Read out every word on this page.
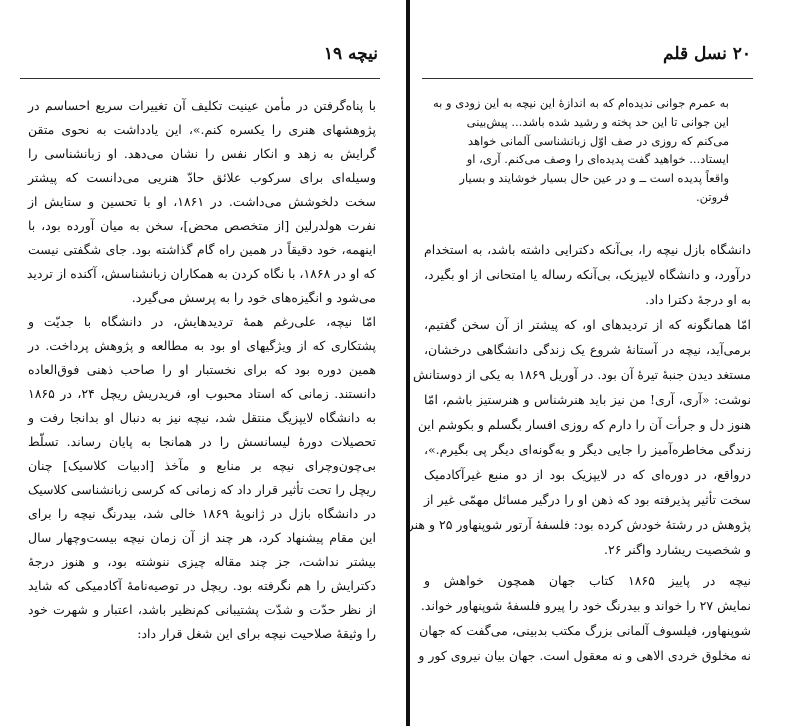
نیچه ۱۹
با پناه‌گرفتن در مأمن عینیت تکلیف آن تغییرات سریع احساسم در
پژوهشهای هنری را یکسره کنم.»، این یادداشت به نحوی متقن
گرایش به زهد و انکار نفس را نشان می‌دهد. او زبانشناسی را
وسیله‌ای برای سرکوب علائق حادّ هنریی می‌دانست که پیشتر
سخت دلخوشش می‌داشت. در ۱۸۶۱، او با تحسین و ستایش از
نفرت هولدرلین [از متخصص محض]، سخن به میان آورده بود، با
اینهمه، خود دقیقاً در همین راه گام گذاشته بود. جای شگفتی نیست
که او در ۱۸۶۸، با نگاه کردن به همکاران زبانشناسش، آکنده از تردید
می‌شود و انگیزه‌های خود را به پرسش می‌گیرد.
امّا نیچه، علی‌رغم همهٔ تردیدهایش، در دانشگاه با جدیّت و
پشتکاری که از ویژگیهای او بود به مطالعه و پژوهش پرداخت. در
همین دوره بود که برای نخستبار او را صاحب ذهنی فوق‌العاده
دانستند. زمانی که استاد محبوب او، فریدریش ریچل ۲۴، در ۱۸۶۵
به دانشگاه لایپزیگ منتقل شد، نیچه نیز به دنبال او بدانجا رفت و
تحصیلات دورهٔ لیسانسش را در همانجا به پایان رساند. تسلّط
بی‌چون‌وچرای نیچه بر منابع و مآخذ [ادبیات کلاسیک] چنان
ریچل را تحت تأثیر قرار داد که زمانی که کرسی زبانشناسی کلاسیک
در دانشگاه بازل در ژانویهٔ ۱۸۶۹ خالی شد، بیدرنگ نیچه را برای
این مقام پیشنهاد کرد، هر چند از آن زمان نیچه بیست‌وچهار سال
بیشتر نداشت، جز چند مقاله چیزی ننوشته بود، و هنوز درجهٔ
دکترایش را هم نگرفته بود. ریچل در توصیه‌نامهٔ آکادمیکی که شاید
از نظر حدّت و شدّت پشتیبانی کم‌نظیر باشد، اعتبار و شهرت خود
را وثیقهٔ صلاحیت نیچه برای این شغل قرار داد:
۲۰ نسل قلم
به عمرم جوانی ندیده‌ام که به اندازهٔ این نیچه به این زودی و به
این جوانی تا این حد پخته و رشید شده باشد... پیش‌بینی
می‌کنم که روزی در صف اوّل زبانشناسی آلمانی خواهد
ایستاد... خواهید گفت پدیده‌ای را وصف می‌کنم. آری، او
واقعاً پدیده است ــ و در عین حال بسیار خوشایند و بسیار
فروتن.
دانشگاه بازل نیچه را، بی‌آنکه دکترایی داشته باشد، به استخدام
درآورد، و دانشگاه لایپزیک، بی‌آنکه رساله یا امتحانی از او بگیرد،
به او درجهٔ دکترا داد.
امّا همانگونه که از تردیدهای او، که پیشتر از آن سخن گفتیم،
برمی‌آید، نیچه در آستانهٔ شروع یک زندگی دانشگاهی درخشان،
مستغد دیدن جنبهٔ تیرهٔ آن بود. در آوریل ۱۸۶۹ به یکی از دوستانش
نوشت: «آری، آری! من نیز باید هنرشناس و هنرستیز باشم، امّا
هنوز دل و جرأت آن را دارم که روزی افسار بگسلم و بکوشم این
زندگی مخاطره‌آمیز را جایی دیگر و به‌گونه‌ای دیگر پی بگیرم.»،
درواقع، در دوره‌ای که در لایپزیک بود از دو منبع غیرآکادمیک
سخت تأثیر پذیرفته بود که ذهن او را درگیر مسائل مهمّی غیر از
پژوهش در رشتهٔ خودش کرده بود: فلسفهٔ آرتور شوپنهاور ۲۵ و هنر
و شخصیت ریشارد واگنر ۲۶.
نیچه در پاییز ۱۸۶۵ کتاب جهان همچون خواهش و
نمایش ۲۷ را خواند و بیدرنگ خود را پیرو فلسفهٔ شوپنهاور خواند.
شوپنهاور، فیلسوف آلمانی بزرگ مکتب بدبینی، می‌گفت که جهان
نه مخلوق خردی الاهی و نه معقول است. جهان بیان نیروی کور و
